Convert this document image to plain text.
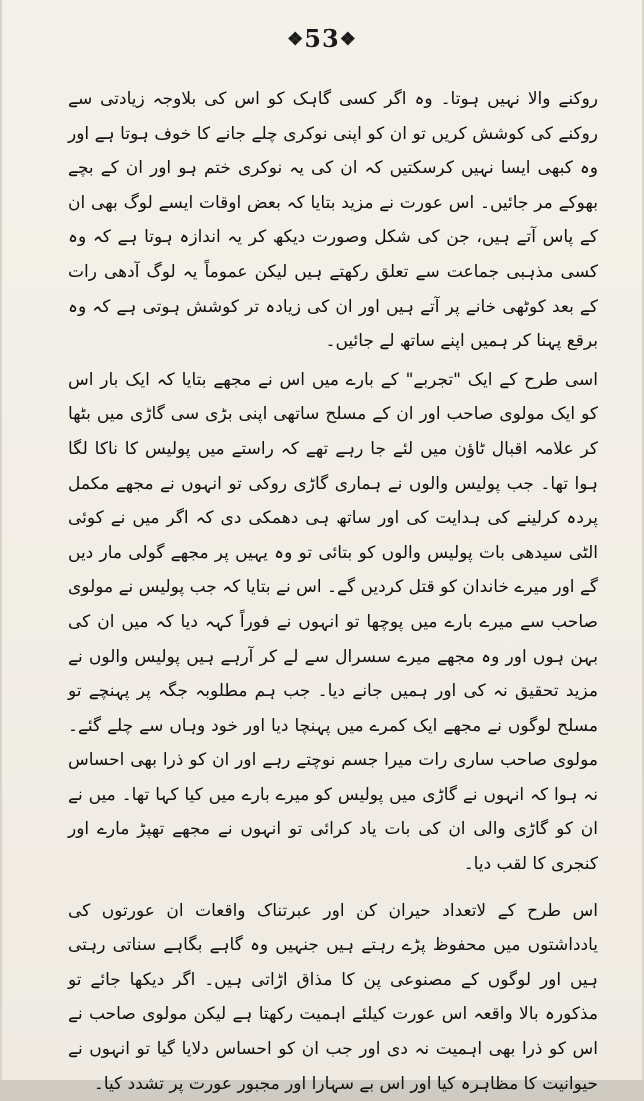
❖53❖

روکنے والا نہیں ہوتا۔ وہ اگر کسی گاہک کو اس کی بلاوجہ زیادتی سے روکنے کی کوشش کریں تو ان کو اپنی نوکری چلے جانے کا خوف ہوتا ہے اور وہ کبھی ایسا نہیں کرسکتیں کہ ان کی یہ نوکری ختم ہو اور ان کے بچے بھوکے مر جائیں۔ اس عورت نے مزید بتایا کہ بعض اوقات ایسے لوگ بھی ان کے پاس آتے ہیں، جن کی شکل وصورت دیکھ کر یہ اندازہ ہوتا ہے کہ وہ کسی مذہبی جماعت سے تعلق رکھتے ہیں لیکن عموماً یہ لوگ آدھی رات کے بعد کوٹھی خانے پر آتے ہیں اور ان کی زیادہ تر کوشش ہوتی ہے کہ وہ برقع پہنا کر ہمیں اپنے ساتھ لے جائیں۔

اسی طرح کے ایک "تجربے" کے بارے میں اس نے مجھے بتایا کہ ایک بار اس کو ایک مولوی صاحب اور ان کے مسلح ساتھی اپنی بڑی سی گاڑی میں بٹھا کر علامہ اقبال ٹاؤن میں لئے جا رہے تھے کہ راستے میں پولیس کا ناکا لگا ہوا تھا۔ جب پولیس والوں نے ہماری گاڑی روکی تو انہوں نے مجھے مکمل پردہ کرلینے کی ہدایت کی اور ساتھ ہی دھمکی دی کہ اگر میں نے کوئی الٹی سیدھی بات پولیس والوں کو بتائی تو وہ یہیں پر مجھے گولی مار دیں گے اور میرے خاندان کو قتل کردیں گے۔ اس نے بتایا کہ جب پولیس نے مولوی صاحب سے میرے بارے میں پوچھا تو انہوں نے فوراً کہہ دیا کہ میں ان کی بہن ہوں اور وہ مجھے میرے سسرال سے لے کر آرہے ہیں پولیس والوں نے مزید تحقیق نہ کی اور ہمیں جانے دیا۔ جب ہم مطلوبہ جگہ پر پہنچے تو مسلح لوگوں نے مجھے ایک کمرے میں پہنچا دیا اور خود وہاں سے چلے گئے۔ مولوی صاحب ساری رات میرا جسم نوچتے رہے اور ان کو ذرا بھی احساس نہ ہوا کہ انہوں نے گاڑی میں پولیس کو میرے بارے میں کیا کہا تھا۔ میں نے ان کو گاڑی والی ان کی بات یاد کرائی تو انہوں نے مجھے تھپڑ مارے اور کنجری کا لقب دیا۔

اس طرح کے لاتعداد حیران کن اور عبرتناک واقعات ان عورتوں کی یادداشتوں میں محفوظ پڑے رہتے ہیں جنہیں وہ گاہے بگاہے سناتی رہتی ہیں اور لوگوں کے مصنوعی پن کا مذاق اڑاتی ہیں۔ اگر دیکھا جائے تو مذکورہ بالا واقعہ اس عورت کیلئے اہمیت رکھتا ہے لیکن مولوی صاحب نے اس کو ذرا بھی اہمیت نہ دی اور جب ان کو احساس دلایا گیا تو انہوں نے حیوانیت کا مظاہرہ کیا اور اس بے سہارا اور مجبور عورت پر تشدد کیا۔
